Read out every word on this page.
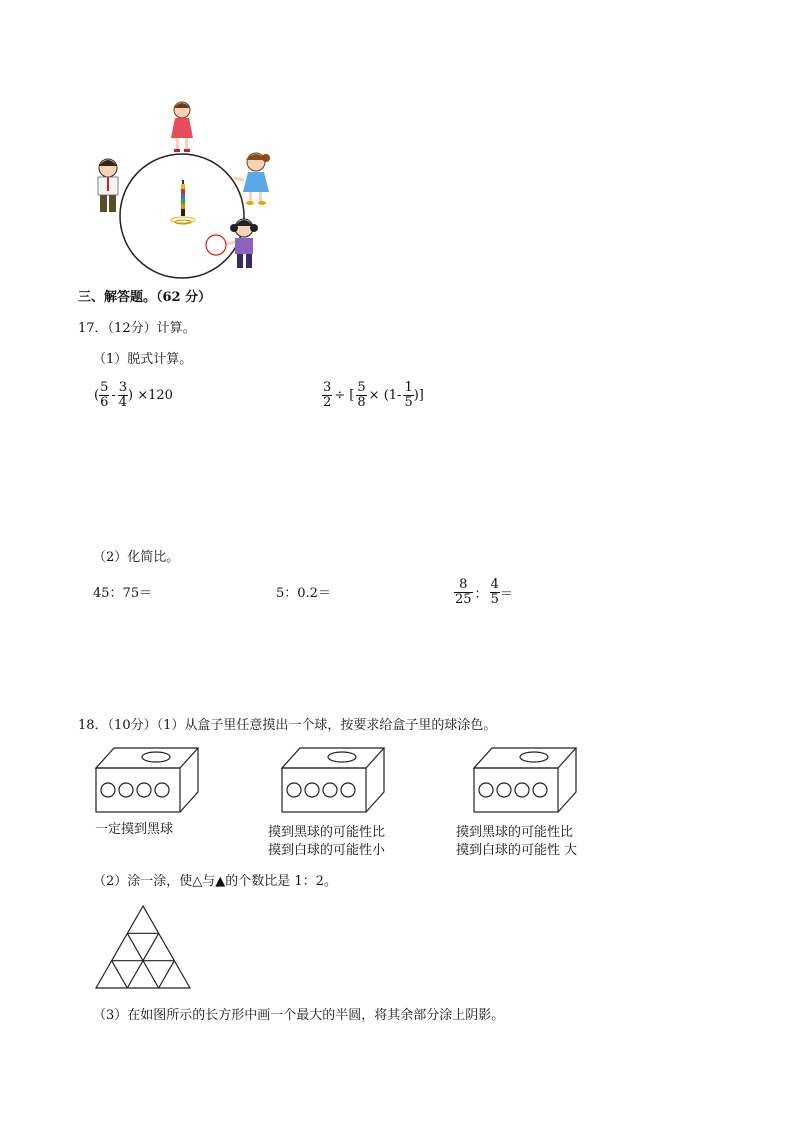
三、解答题。（62 分）
17．（12分）计算。
（1）脱式计算。
( $\frac{5}{6} - \frac{3}{4}$ ) ×120	$\frac{3}{2}$ ÷ [ $\frac{5}{8} \times (1- \frac{1}{5}$ )]
（2）化简比。
45：75＝	5：0.2＝	$\frac{8}{25}$ ： $\frac{4}{5}$ ＝
18．（10分）（1）从盒子里任意摸出一个球，按要求给盒子里的球涂色。
一定摸到黑球	摸到黑球的可能性比
摸到白球的可能性小
摸到黑球的可能性比
摸到白球的可能性 大
（2）涂一涂，使△与▲的个数比是 1：2。
（3）在如图所示的长方形中画一个最大的半圆，将其余部分涂上阴影。
